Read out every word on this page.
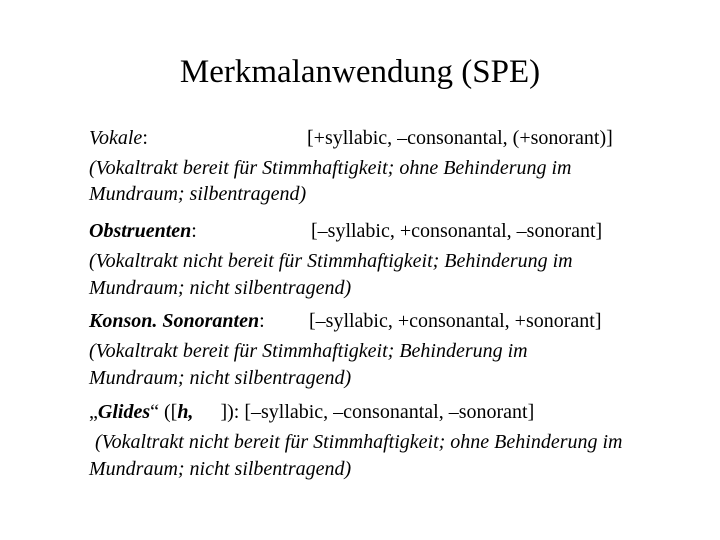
Merkmalanwendung (SPE)
Vokale:	[+syllabic, –consonantal, (+sonorant)]
(Vokaltrakt bereit für Stimmhaftigkeit; ohne Behinderung im
Mundraum; silbentragend)
Obstruenten:	[–syllabic, +consonantal, –sonorant]
(Vokaltrakt nicht bereit für Stimmhaftigkeit; Behinderung im
Mundraum; nicht silbentragend)
Konson. Sonoranten: [–syllabic, +consonantal, +sonorant]
(Vokaltrakt bereit für Stimmhaftigkeit; Behinderung im
Mundraum; nicht silbentragend)
„Glides“ ([h, ]): [–syllabic, –consonantal, –sonorant]
(Vokaltrakt nicht bereit für Stimmhaftigkeit; ohne Behinderung im
Mundraum; nicht silbentragend)
